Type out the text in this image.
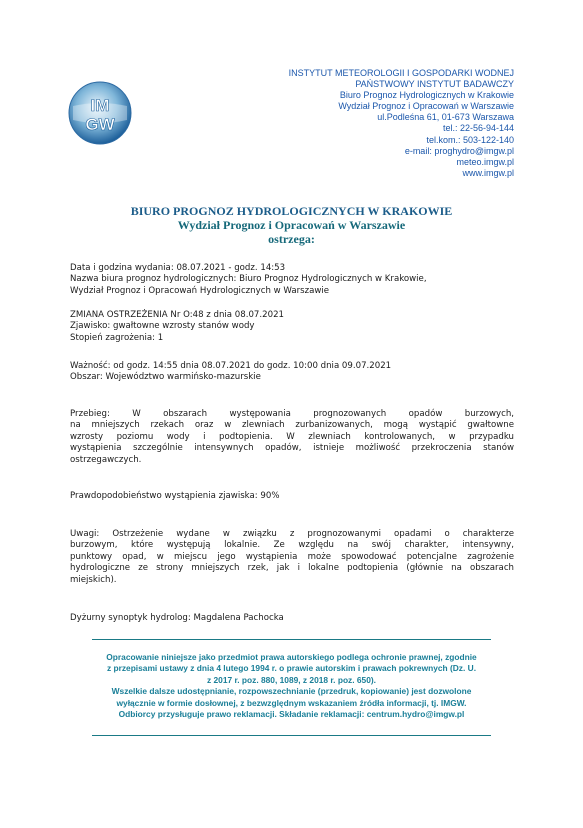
IM
GW
INSTYTUT METEOROLOGII I GOSPODARKI WODNEJ
PAŃSTWOWY INSTYTUT BADAWCZY
Biuro Prognoz Hydrologicznych w Krakowie
Wydział Prognoz i Opracowań w Warszawie
ul.Podleśna 61, 01-673 Warszawa
tel.: 22-56-94-144
tel.kom.: 503-122-140
e-mail: proghydro@imgw.pl
meteo.imgw.pl
www.imgw.pl
BIURO PROGNOZ HYDROLOGICZNYCH W KRAKOWIE
Wydział Prognoz i Opracowań w Warszawie
ostrzega:
Data i godzina wydania: 08.07.2021 - godz. 14:53
Nazwa biura prognoz hydrologicznych: Biuro Prognoz Hydrologicznych w Krakowie,
Wydział Prognoz i Opracowań Hydrologicznych w Warszawie
ZMIANA OSTRZEŻENIA Nr O:48 z dnia 08.07.2021
Zjawisko: gwałtowne wzrosty stanów wody
Stopień zagrożenia: 1
Ważność: od godz. 14:55 dnia 08.07.2021 do godz. 10:00 dnia 09.07.2021
Obszar: Województwo warmińsko-mazurskie
Przebieg: W obszarach występowania prognozowanych opadów burzowych,
na mniejszych rzekach oraz w zlewniach zurbanizowanych, mogą wystąpić gwałtowne
wzrosty poziomu wody i podtopienia. W zlewniach kontrolowanych, w przypadku
wystąpienia szczególnie intensywnych opadów, istnieje możliwość przekroczenia stanów
ostrzegawczych.
Prawdopodobieństwo wystąpienia zjawiska: 90%
Uwagi: Ostrzeżenie wydane w związku z prognozowanymi opadami o charakterze
burzowym, które występują lokalnie. Ze względu na swój charakter, intensywny,
punktowy opad, w miejscu jego wystąpienia może spowodować potencjalne zagrożenie
hydrologiczne ze strony mniejszych rzek, jak i lokalne podtopienia (głównie na obszarach
miejskich).
Dyżurny synoptyk hydrolog: Magdalena Pachocka
Opracowanie niniejsze jako przedmiot prawa autorskiego podlega ochronie prawnej, zgodnie
z przepisami ustawy z dnia 4 lutego 1994 r. o prawie autorskim i prawach pokrewnych (Dz. U.
z 2017 r. poz. 880, 1089, z 2018 r. poz. 650).
Wszelkie dalsze udostępnianie, rozpowszechnianie (przedruk, kopiowanie) jest dozwolone
wyłącznie w formie dosłownej, z bezwzględnym wskazaniem źródła informacji, tj. IMGW.
Odbiorcy przysługuje prawo reklamacji. Składanie reklamacji: centrum.hydro@imgw.pl
